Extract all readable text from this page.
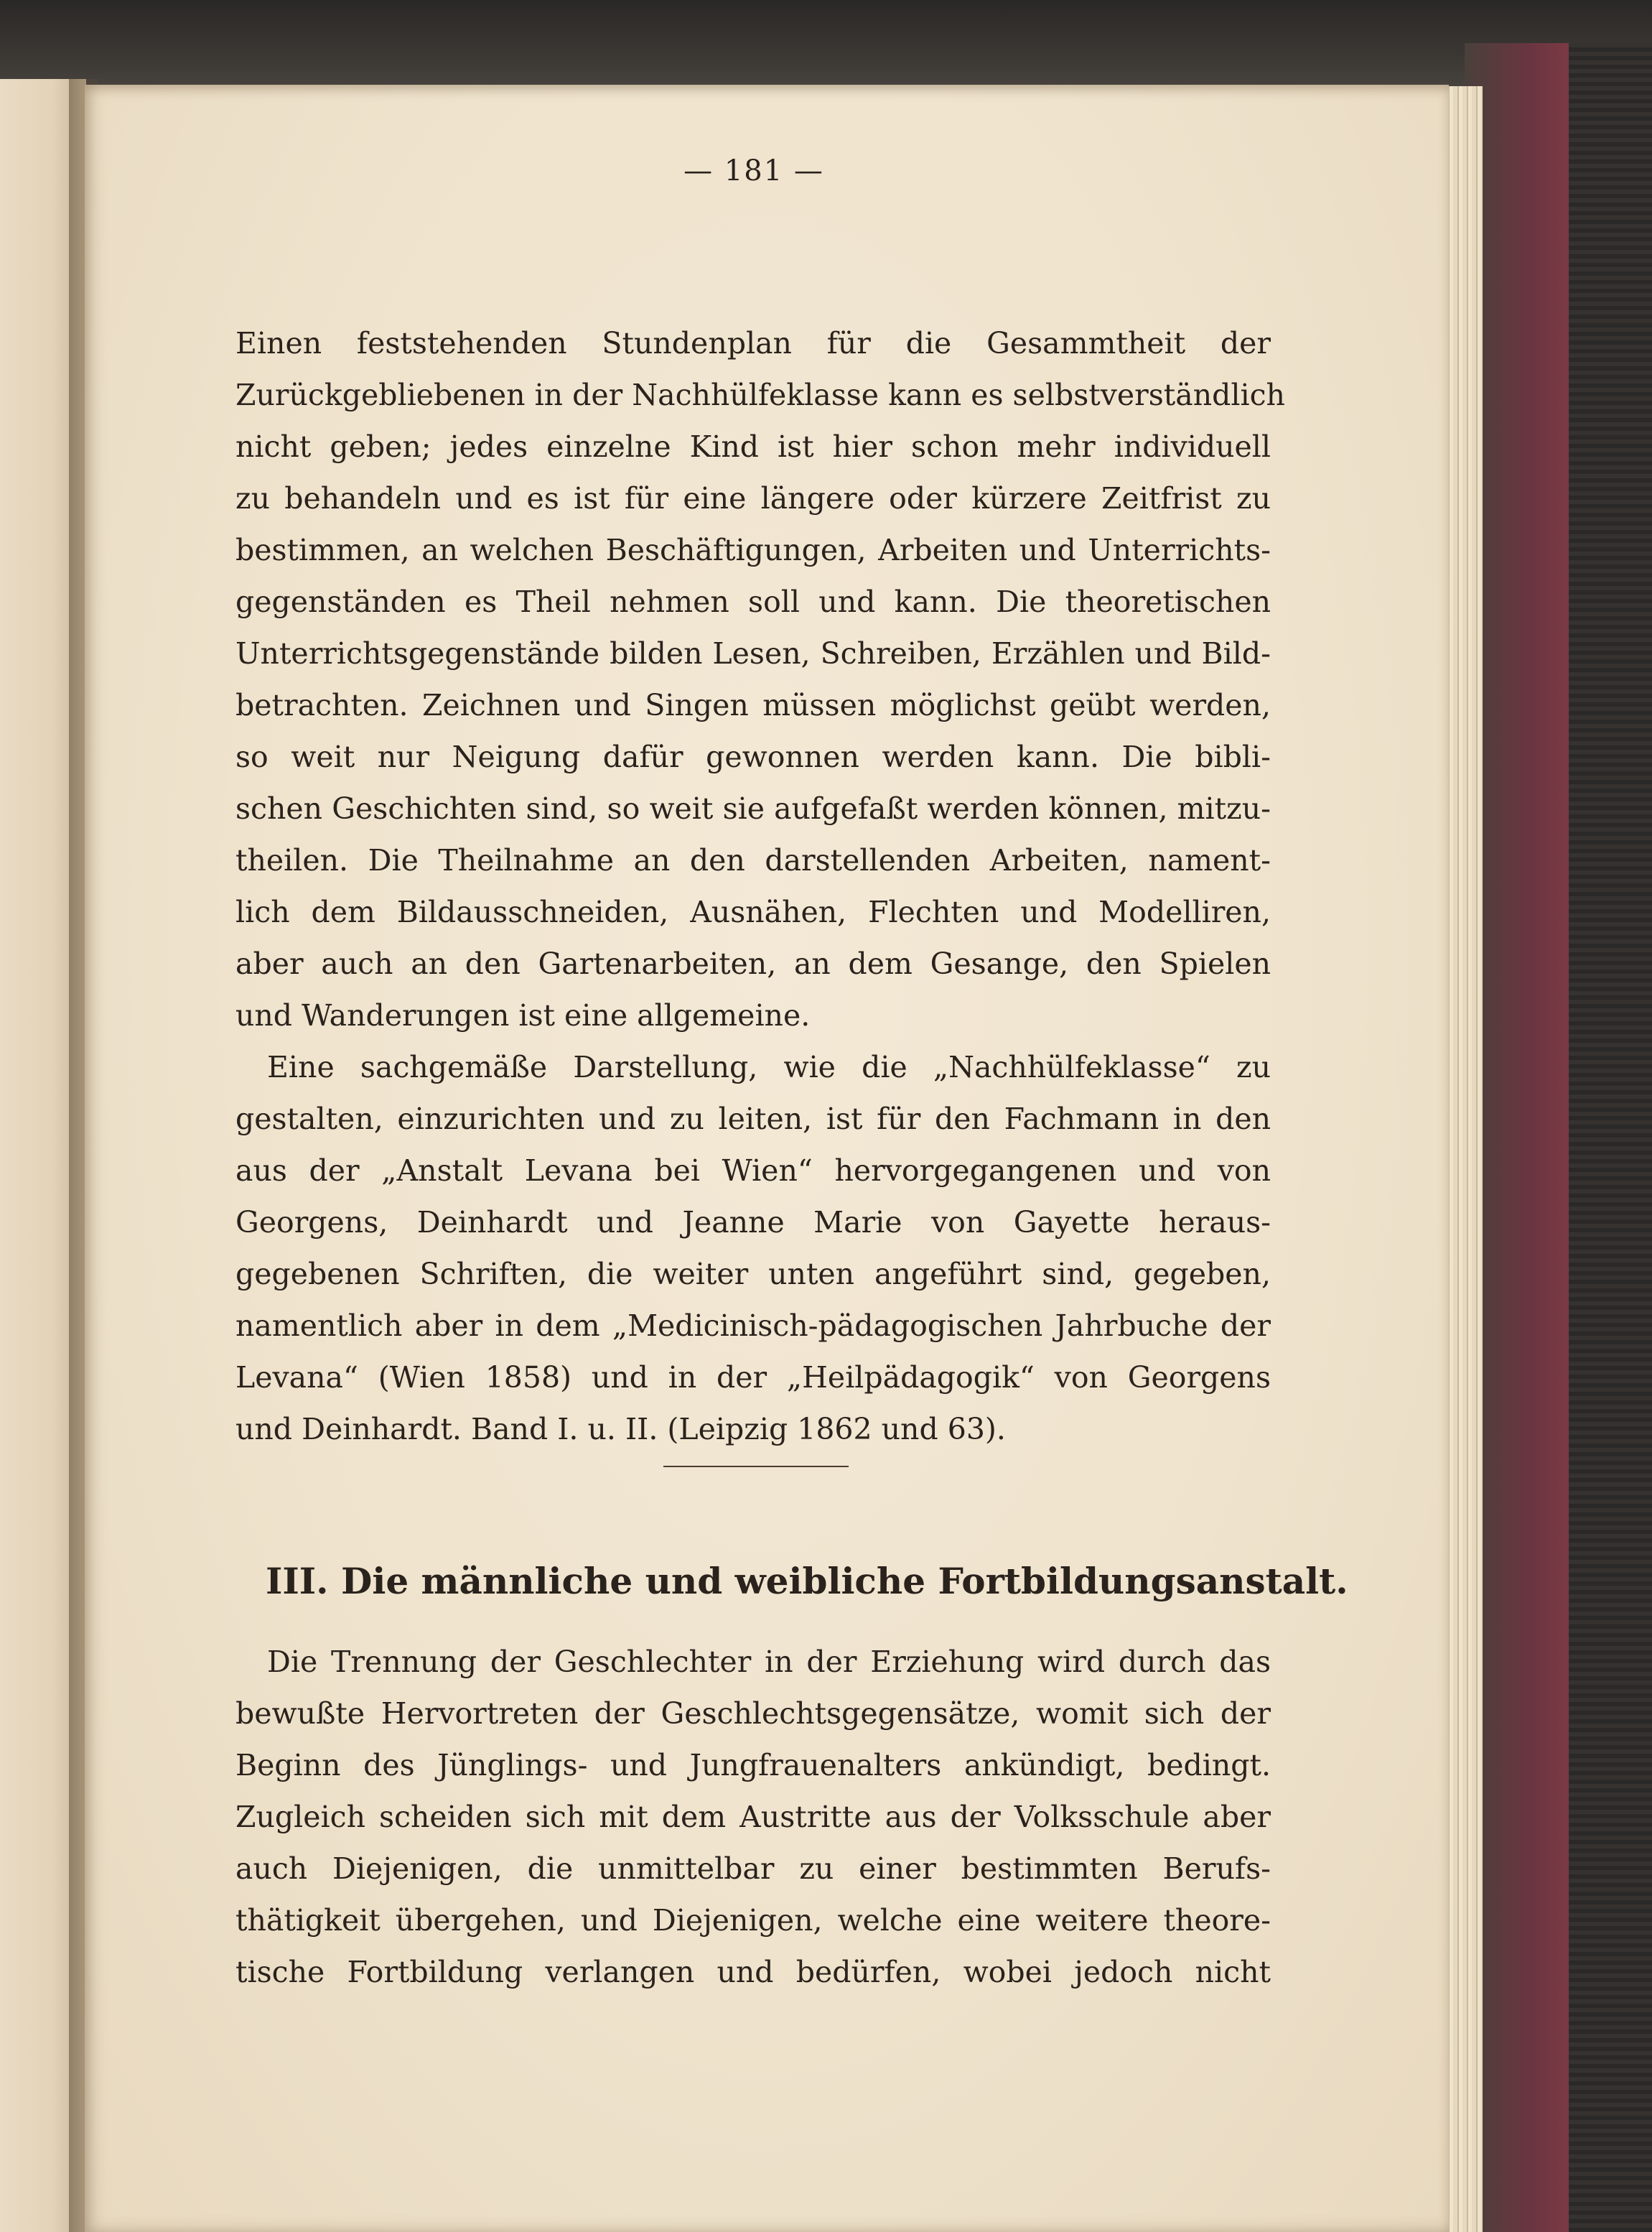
— 181 —
Einen feststehenden Stundenplan für die Gesammtheit der
Zurückgebliebenen in der Nachhülfeklasse kann es selbstverständlich
nicht geben; jedes einzelne Kind ist hier schon mehr individuell
zu behandeln und es ist für eine längere oder kürzere Zeitfrist zu
bestimmen, an welchen Beschäftigungen, Arbeiten und Unterrichts-
gegenständen es Theil nehmen soll und kann. Die theoretischen
Unterrichtsgegenstände bilden Lesen, Schreiben, Erzählen und Bild-
betrachten. Zeichnen und Singen müssen möglichst geübt werden,
so weit nur Neigung dafür gewonnen werden kann. Die bibli-
schen Geschichten sind, so weit sie aufgefaßt werden können, mitzu-
theilen. Die Theilnahme an den darstellenden Arbeiten, nament-
lich dem Bildausschneiden, Ausnähen, Flechten und Modelliren,
aber auch an den Gartenarbeiten, an dem Gesange, den Spielen
und Wanderungen ist eine allgemeine.
Eine sachgemäße Darstellung, wie die „Nachhülfeklasse“ zu
gestalten, einzurichten und zu leiten, ist für den Fachmann in den
aus der „Anstalt Levana bei Wien“ hervorgegangenen und von
Georgens, Deinhardt und Jeanne Marie von Gayette heraus-
gegebenen Schriften, die weiter unten angeführt sind, gegeben,
namentlich aber in dem „Medicinisch-pädagogischen Jahrbuche der
Levana“ (Wien 1858) und in der „Heilpädagogik“ von Georgens
und Deinhardt. Band I. u. II. (Leipzig 1862 und 63).
III. Die männliche und weibliche Fortbildungsanstalt.
Die Trennung der Geschlechter in der Erziehung wird durch das
bewußte Hervortreten der Geschlechtsgegensätze, womit sich der
Beginn des Jünglings- und Jungfrauenalters ankündigt, bedingt.
Zugleich scheiden sich mit dem Austritte aus der Volksschule aber
auch Diejenigen, die unmittelbar zu einer bestimmten Berufs-
thätigkeit übergehen, und Diejenigen, welche eine weitere theore-
tische Fortbildung verlangen und bedürfen, wobei jedoch nicht
